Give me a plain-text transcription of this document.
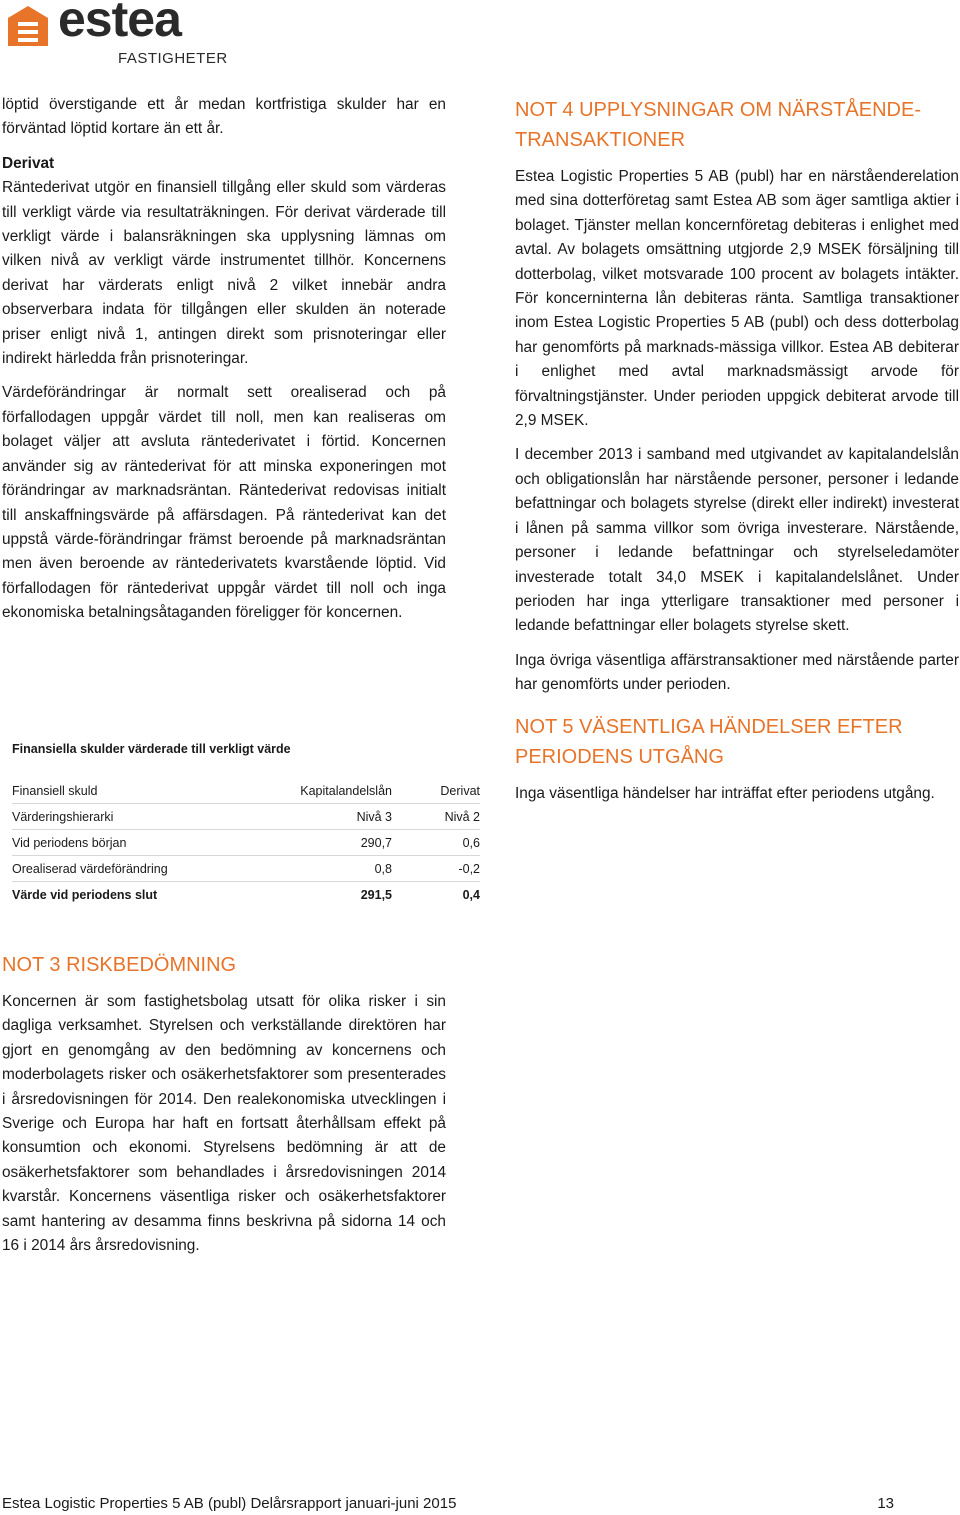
estea
FASTIGHETER

löptid överstigande ett år medan kortfristiga skulder har en förväntad löptid kortare än ett år.

Derivat

Räntederivat utgör en finansiell tillgång eller skuld som värderas till verkligt värde via resultaträkningen. För derivat värderade till verkligt värde i balansräkningen ska upplysning lämnas om vilken nivå av verkligt värde instrumentet tillhör. Koncernens derivat har värderats enligt nivå 2 vilket innebär andra observerbara indata för tillgången eller skulden än noterade priser enligt nivå 1, antingen direkt som prisnoteringar eller indirekt härledda från prisnoteringar.

Värdeförändringar är normalt sett orealiserad och på förfallodagen uppgår värdet till noll, men kan realiseras om bolaget väljer att avsluta räntederivatet i förtid. Koncernen använder sig av räntederivat för att minska exponeringen mot förändringar av marknadsräntan. Räntederivat redovisas initialt till anskaffningsvärde på affärsdagen. På räntederivat kan det uppstå värde-förändringar främst beroende på marknadsräntan men även beroende av räntederivatets kvarstående löptid. Vid förfallodagen för räntederivat uppgår värdet till noll och inga ekonomiska betalningsåtaganden föreligger för koncernen.

Finansiella skulder värderade till verkligt värde
Finansiell skuld	Kapitalandelslån	Derivat
Värderingshierarki	Nivå 3	Nivå 2
Vid periodens början	290,7	0,6
Orealiserad värdeförändring	0,8	-0,2
Värde vid periodens slut	291,5	0,4
NOT 4 UPPLYSNINGAR OM NÄRSTÅENDE-TRANSAKTIONER

Estea Logistic Properties 5 AB (publ) har en närståenderelation med sina dotterföretag samt Estea AB som äger samtliga aktier i bolaget. Tjänster mellan koncernföretag debiteras i enlighet med avtal. Av bolagets omsättning utgjorde 2,9 MSEK försäljning till dotterbolag, vilket motsvarade 100 procent av bolagets intäkter. För koncerninterna lån debiteras ränta. Samtliga transaktioner inom Estea Logistic Properties 5 AB (publ) och dess dotterbolag har genomförts på marknads-mässiga villkor. Estea AB debiterar i enlighet med avtal marknadsmässigt arvode för förvaltningstjänster. Under perioden uppgick debiterat arvode till 2,9 MSEK.

I december 2013 i samband med utgivandet av kapitalandelslån och obligationslån har närstående personer, personer i ledande befattningar och bolagets styrelse (direkt eller indirekt) investerat i lånen på samma villkor som övriga investerare. Närstående, personer i ledande befattningar och styrelseledamöter investerade totalt 34,0 MSEK i kapitalandelslånet. Under perioden har inga ytterligare transaktioner med personer i ledande befattningar eller bolagets styrelse skett.

Inga övriga väsentliga affärstransaktioner med närstående parter har genomförts under perioden.

NOT 5 VÄSENTLIGA HÄNDELSER EFTER PERIODENS UTGÅNG

Inga väsentliga händelser har inträffat efter periodens utgång.

NOT 3 RISKBEDÖMNING

Koncernen är som fastighetsbolag utsatt för olika risker i sin dagliga verksamhet. Styrelsen och verkställande direktören har gjort en genomgång av den bedömning av koncernens och moderbolagets risker och osäkerhetsfaktorer som presenterades i årsredovisningen för 2014. Den realekonomiska utvecklingen i Sverige och Europa har haft en fortsatt återhållsam effekt på konsumtion och ekonomi. Styrelsens bedömning är att de osäkerhetsfaktorer som behandlades i årsredovisningen 2014 kvarstår. Koncernens väsentliga risker och osäkerhetsfaktorer samt hantering av desamma finns beskrivna på sidorna 14 och 16 i 2014 års årsredovisning.

Estea Logistic Properties 5 AB (publ) Delårsrapport januari-juni 2015	13
